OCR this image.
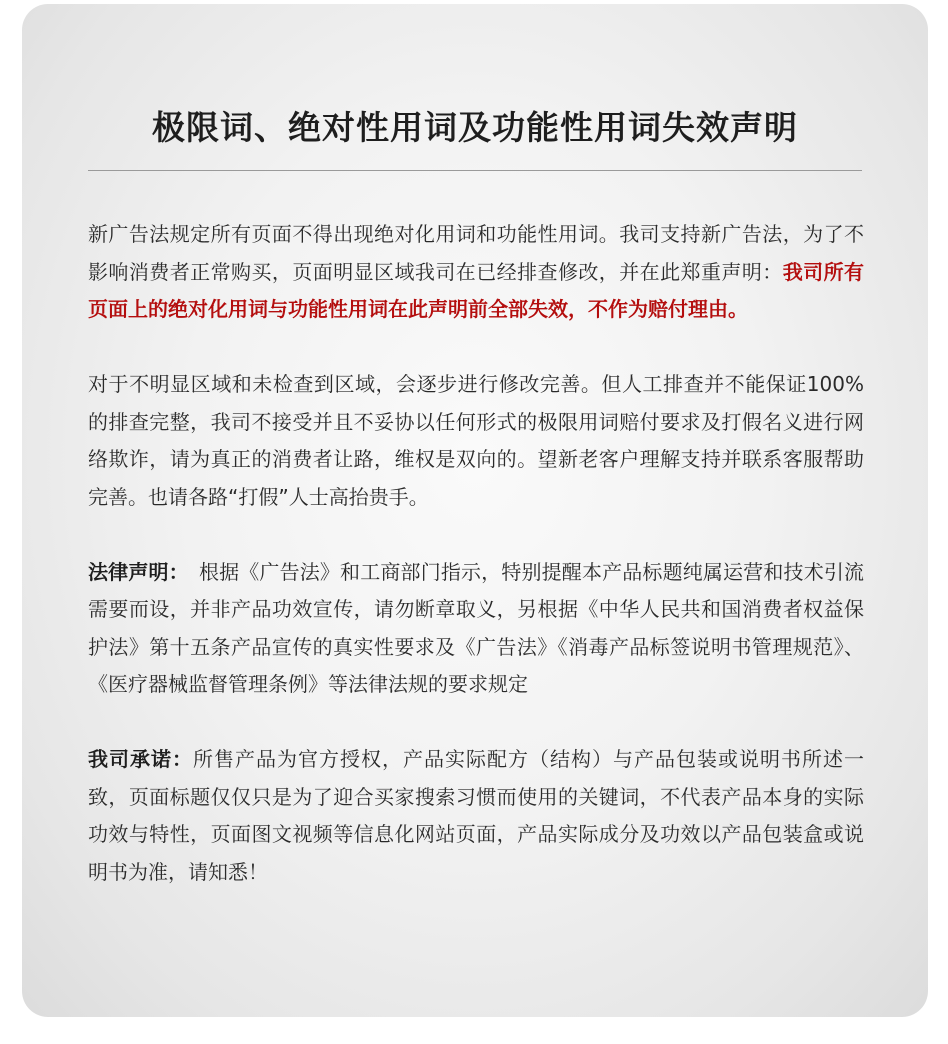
极限词、绝对性用词及功能性用词失效声明

新广告法规定所有页面不得出现绝对化用词和功能性用词。我司支持新广告法，为了不影响消费者正常购买，页面明显区域我司在已经排查修改，并在此郑重声明：我司所有页面上的绝对化用词与功能性用词在此声明前全部失效，不作为赔付理由。

对于不明显区域和未检查到区域，会逐步进行修改完善。但人工排查并不能保证100%的排查完整，我司不接受并且不妥协以任何形式的极限用词赔付要求及打假名义进行网络欺诈，请为真正的消费者让路，维权是双向的。望新老客户理解支持并联系客服帮助完善。也请各路“打假”人士高抬贵手。

法律声明：　根据《广告法》和工商部门指示，特别提醒本产品标题纯属运营和技术引流需要而设，并非产品功效宣传，请勿断章取义，另根据《中华人民共和国消费者权益保护法》第十五条产品宣传的真实性要求及《广告法》《消毒产品标签说明书管理规范》、《医疗器械监督管理条例》等法律法规的要求规定

我司承诺：所售产品为官方授权，产品实际配方（结构）与产品包装或说明书所述一致，页面标题仅仅只是为了迎合买家搜索习惯而使用的关键词，不代表产品本身的实际功效与特性，页面图文视频等信息化网站页面，产品实际成分及功效以产品包装盒或说明书为准，请知悉！
